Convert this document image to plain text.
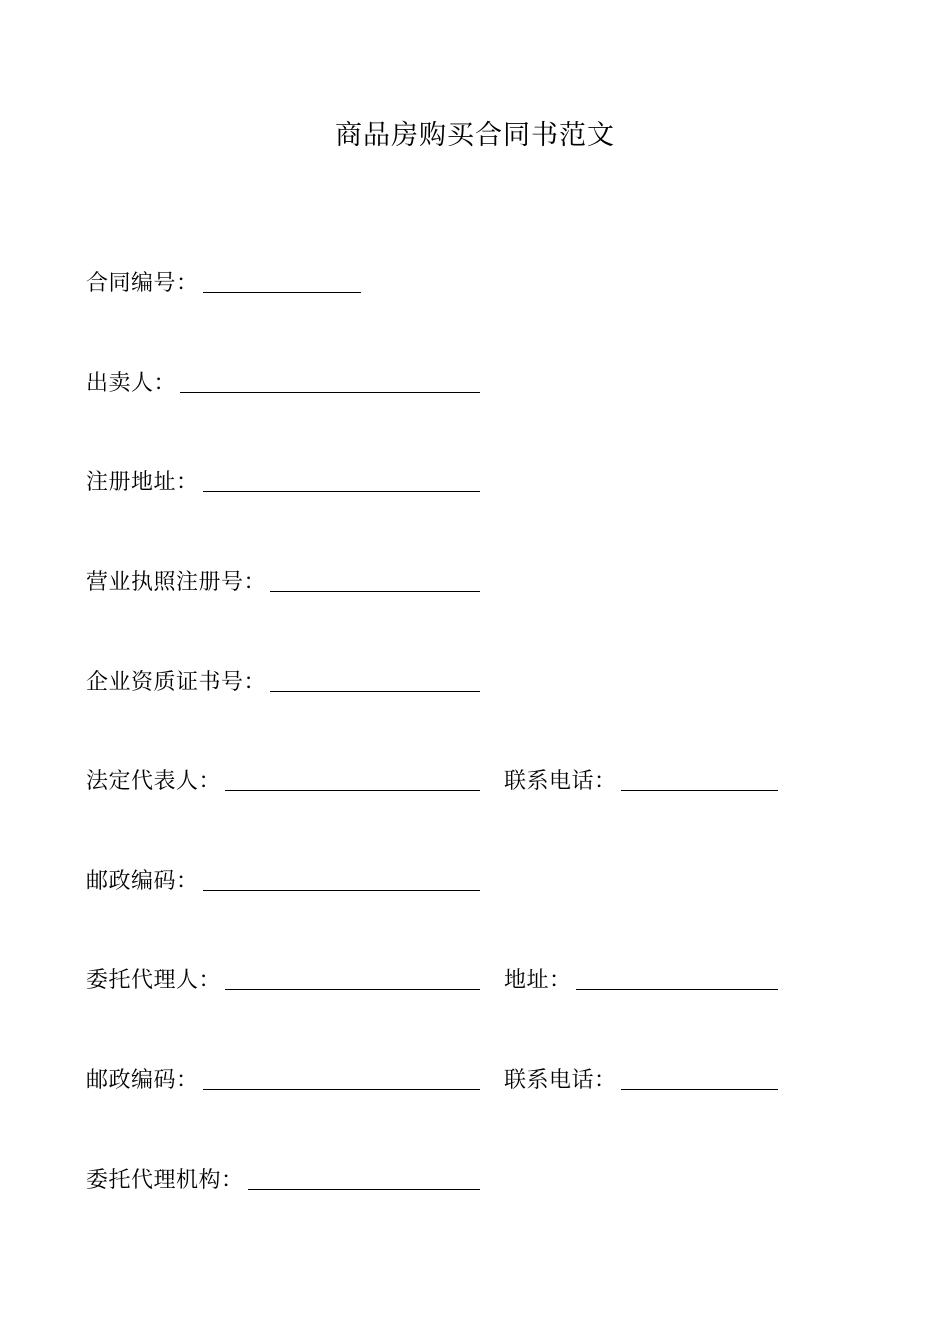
商品房购买合同书范文
合同编号：
出卖人：
注册地址：
营业执照注册号：
企业资质证书号：
法定代表人：	联系电话：
邮政编码：
委托代理人：	地址：
邮政编码：	联系电话：
委托代理机构：
